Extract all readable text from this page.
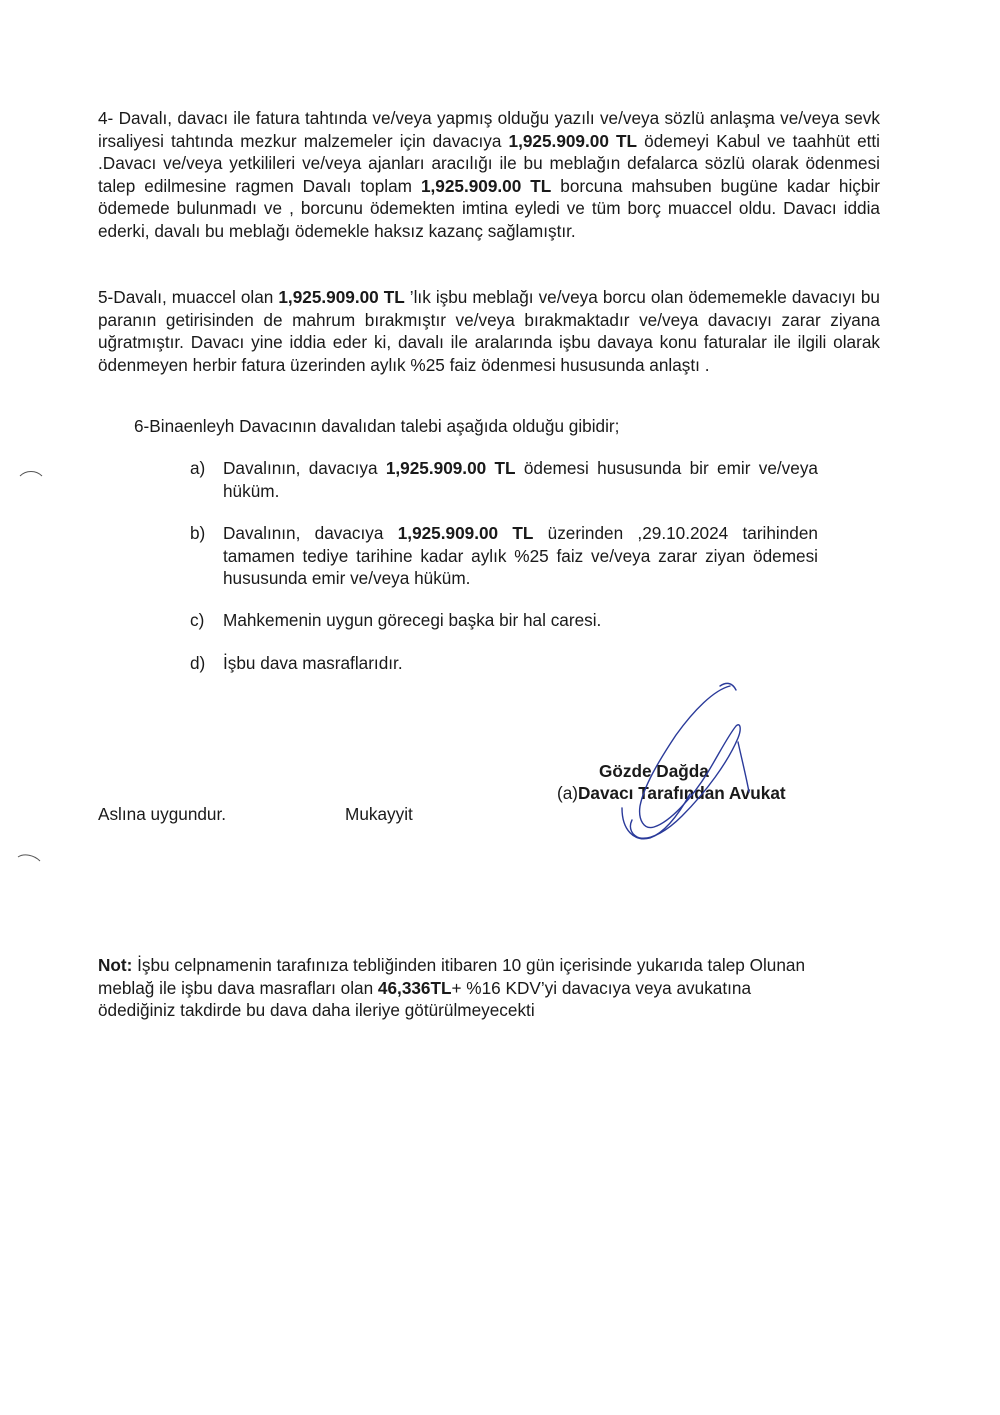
4- Davalı, davacı ile fatura tahtında ve/veya yapmış olduğu yazılı ve/veya sözlü anlaşma ve/veya sevk irsaliyesi tahtında mezkur malzemeler için davacıya 1,925.909.00 TL ödemeyi Kabul ve taahhüt etti .Davacı ve/veya yetkilileri ve/veya ajanları aracılığı ile bu meblağın defalarca sözlü olarak ödenmesi talep edilmesine ragmen Davalı toplam 1,925.909.00 TL borcuna mahsuben bugüne kadar hiçbir ödemede bulunmadı ve , borcunu ödemekten imtina eyledi ve tüm borç muaccel oldu. Davacı iddia ederki, davalı bu meblağı ödemekle haksız kazanç sağlamıştır.

5-Davalı, muaccel olan 1,925.909.00 TL ’lık işbu meblağı ve/veya borcu olan ödememekle davacıyı bu paranın getirisinden de mahrum bırakmıştır ve/veya bırakmaktadır ve/veya davacıyı zarar ziyana uğratmıştır. Davacı yine iddia eder ki, davalı ile aralarında işbu davaya konu faturalar ile ilgili olarak ödenmeyen herbir fatura üzerinden aylık %25 faiz ödenmesi hususunda anlaştı .

6-Binaenleyh Davacının davalıdan talebi aşağıda olduğu gibidir;

a)	Davalının, davacıya 1,925.909.00 TL ödemesi hususunda bir emir ve/veya hüküm.

b)	Davalının, davacıya 1,925.909.00 TL üzerinden ,29.10.2024 tarihinden tamamen tediye tarihine kadar aylık %25 faiz ve/veya zarar ziyan ödemesi hususunda emir ve/veya hüküm.

c)	Mahkemenin uygun görecegi başka bir hal caresi.

d)	İşbu dava masraflarıdır.

Gözde Dağda

(a)Davacı Tarafından Avukat

Aslına uygundur.	Mukayyit

Not: İşbu celpnamenin tarafınıza tebliğinden itibaren 10 gün içerisinde yukarıda talep Olunan meblağ ile işbu dava masrafları olan 46,336TL+ %16 KDV’yi davacıya veya avukatına ödediğiniz takdirde bu dava daha ileriye götürülmeyecekti
